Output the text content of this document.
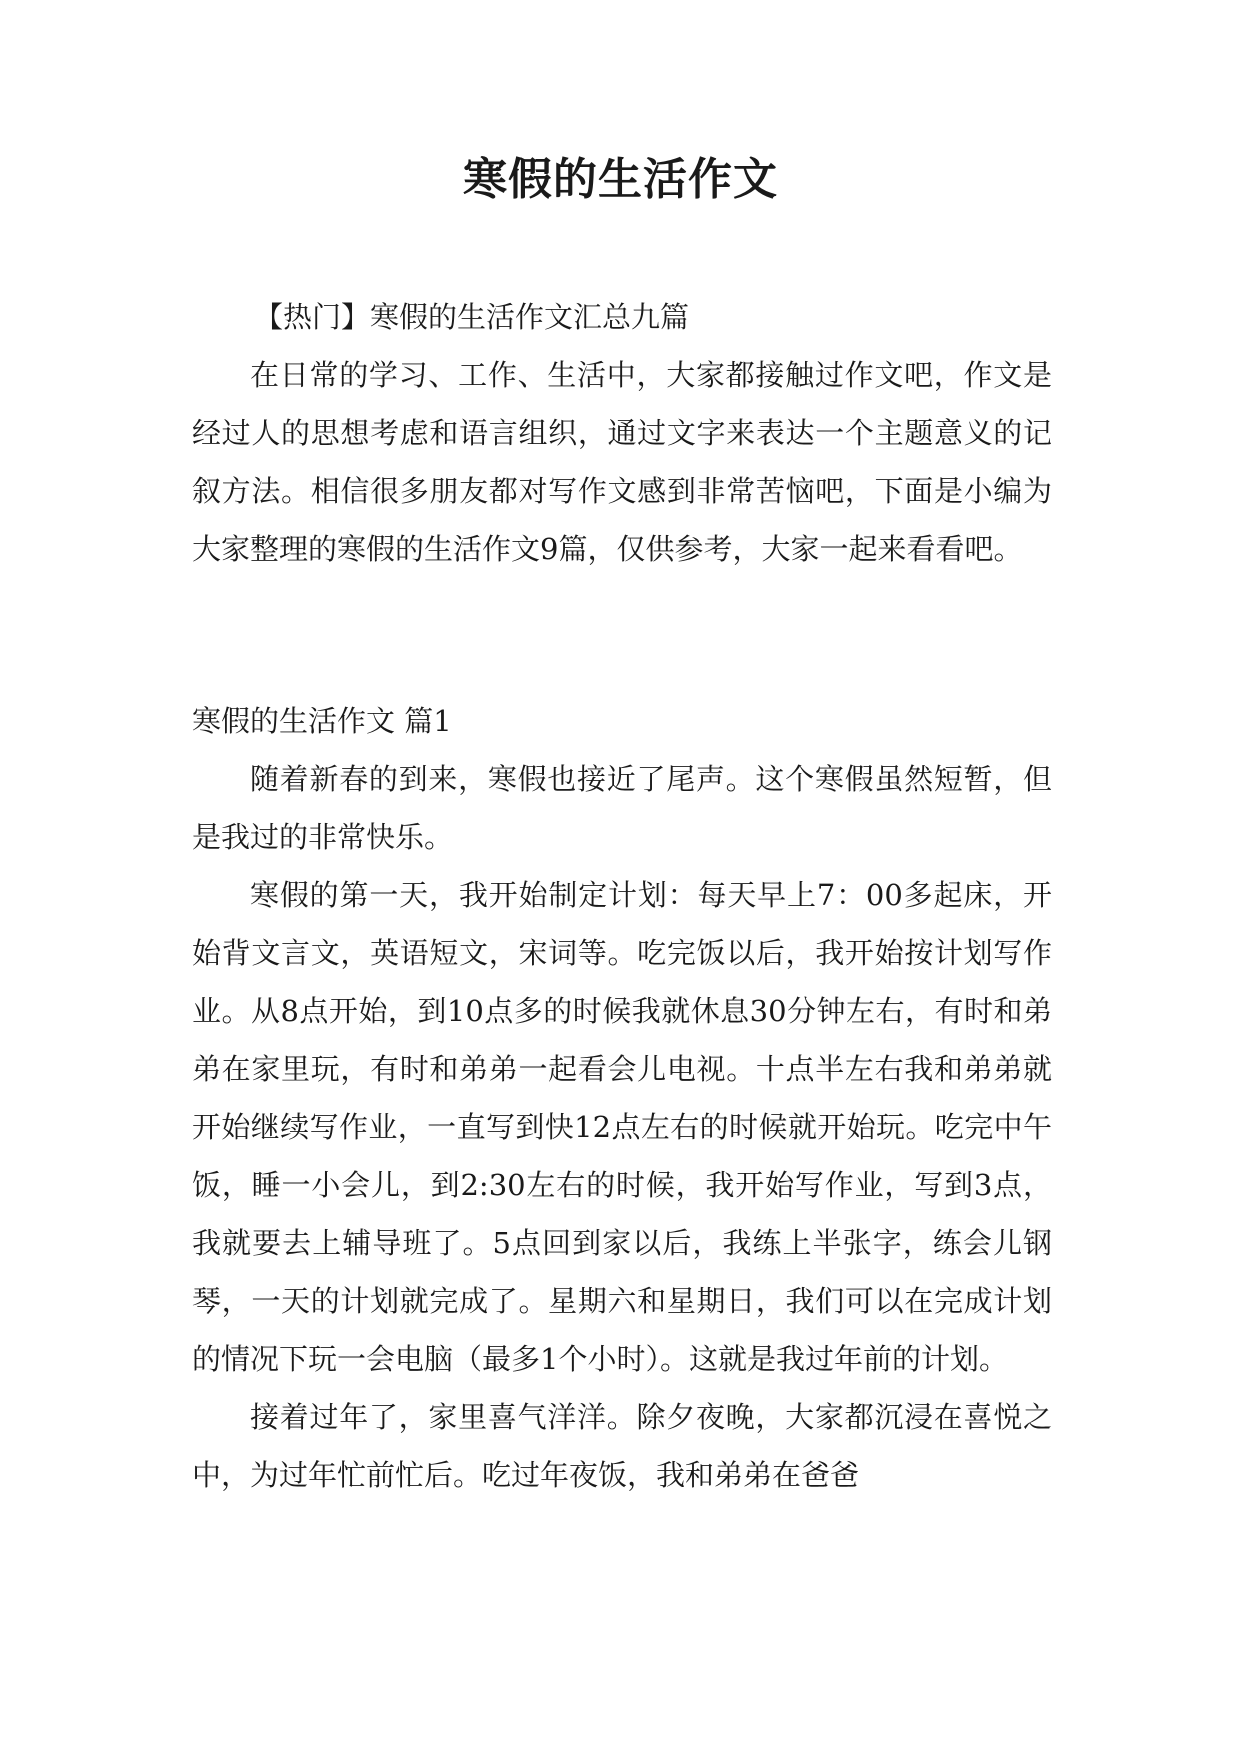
寒假的生活作文

【热门】寒假的生活作文汇总九篇

在日常的学习、工作、生活中，大家都接触过作文吧，作文是经过人的思想考虑和语言组织，通过文字来表达一个主题意义的记叙方法。相信很多朋友都对写作文感到非常苦恼吧，下面是小编为大家整理的寒假的生活作文9篇，仅供参考，大家一起来看看吧。

寒假的生活作文 篇1

随着新春的到来，寒假也接近了尾声。这个寒假虽然短暂，但是我过的非常快乐。

寒假的第一天，我开始制定计划：每天早上7：00多起床，开始背文言文，英语短文，宋词等。吃完饭以后，我开始按计划写作业。从8点开始，到10点多的时候我就休息30分钟左右，有时和弟弟在家里玩，有时和弟弟一起看会儿电视。十点半左右我和弟弟就开始继续写作业，一直写到快12点左右的时候就开始玩。吃完中午饭，睡一小会儿，到2:30左右的时候，我开始写作业，写到3点，我就要去上辅导班了。5点回到家以后，我练上半张字，练会儿钢琴，一天的计划就完成了。星期六和星期日，我们可以在完成计划的情况下玩一会电脑（最多1个小时）。这就是我过年前的计划。

接着过年了，家里喜气洋洋。除夕夜晚，大家都沉浸在喜悦之中，为过年忙前忙后。吃过年夜饭，我和弟弟在爸爸
